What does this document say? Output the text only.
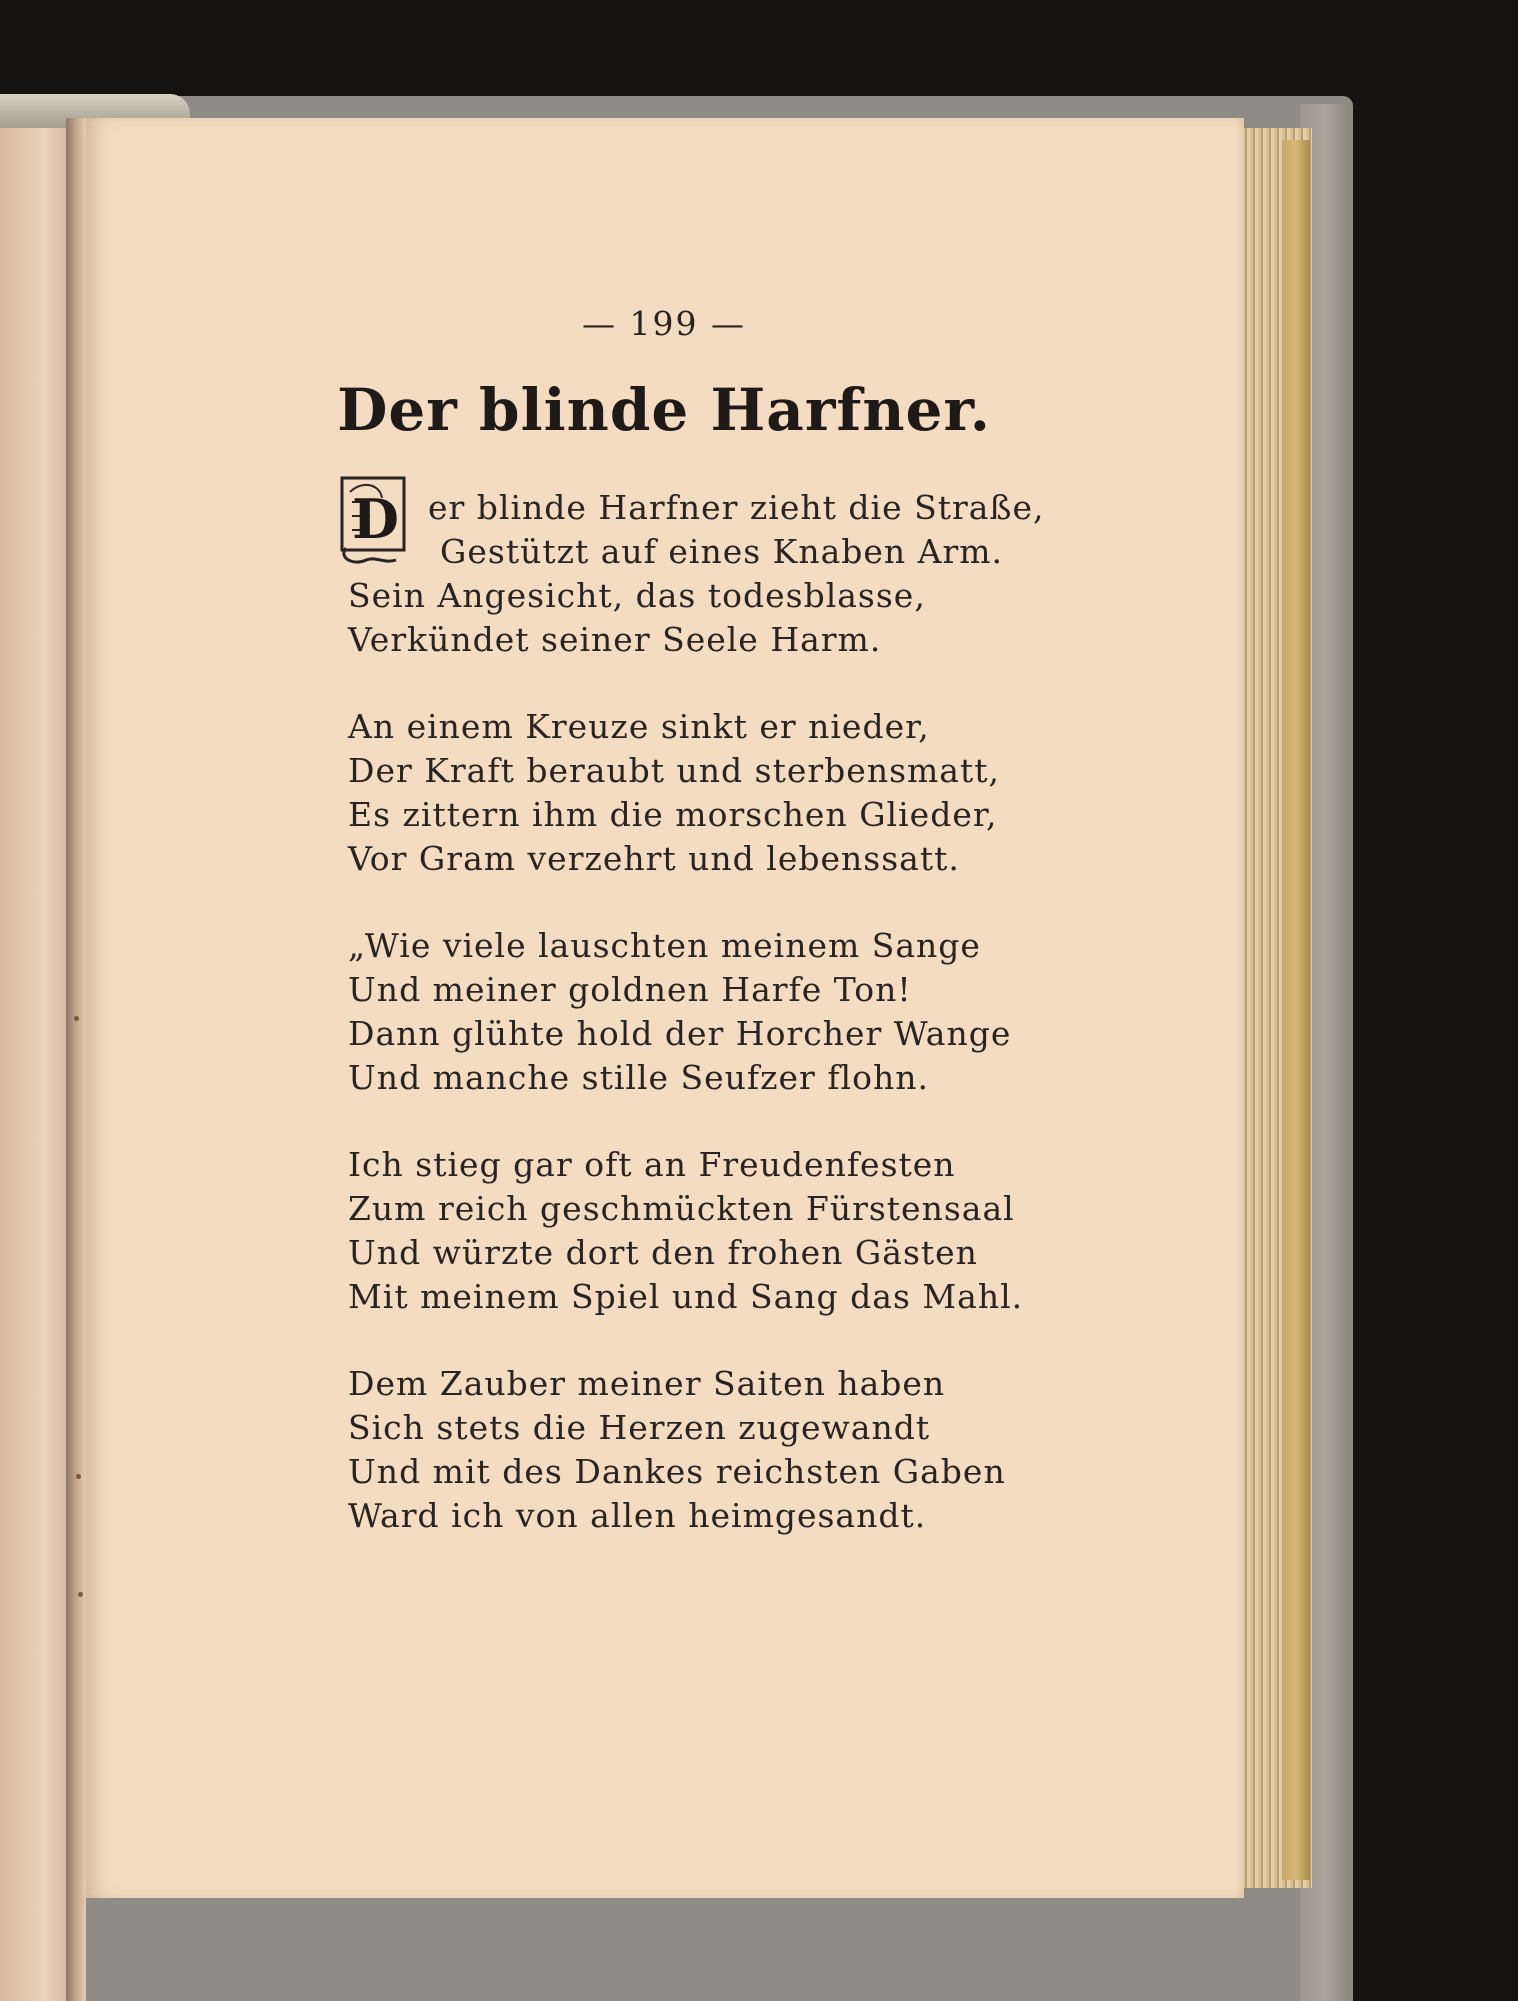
— 199 —
Der blinde Harfner.
D er blinde Harfner zieht die Straße,
Gestützt auf eines Knaben Arm.
Sein Angesicht, das todesblasse,
Verkündet seiner Seele Harm.
An einem Kreuze sinkt er nieder,
Der Kraft beraubt und sterbensmatt,
Es zittern ihm die morschen Glieder,
Vor Gram verzehrt und lebenssatt.
„Wie viele lauschten meinem Sange
Und meiner goldnen Harfe Ton!
Dann glühte hold der Horcher Wange
Und manche stille Seufzer flohn.
Ich stieg gar oft an Freudenfesten
Zum reich geschmückten Fürstensaal
Und würzte dort den frohen Gästen
Mit meinem Spiel und Sang das Mahl.
Dem Zauber meiner Saiten haben
Sich stets die Herzen zugewandt
Und mit des Dankes reichsten Gaben
Ward ich von allen heimgesandt.
